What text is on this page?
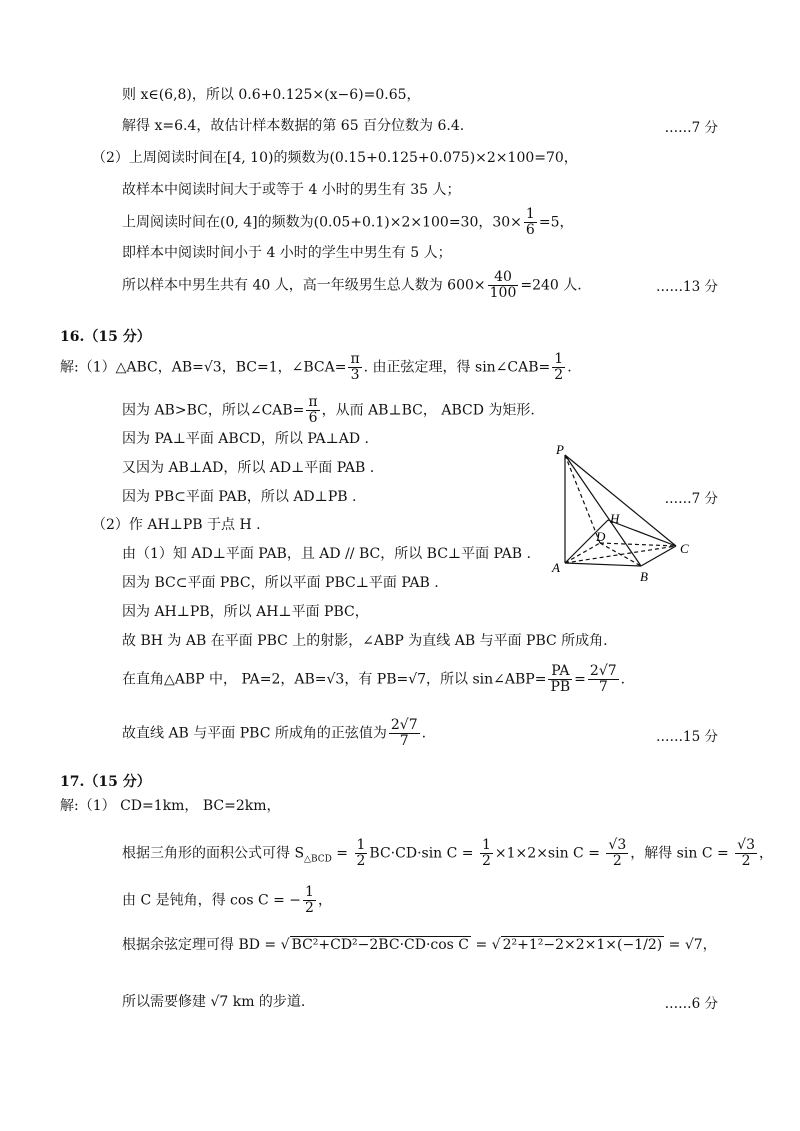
则 x∈(6,8)，所以 0.6+0.125×(x−6)=0.65，
解得 x=6.4，故估计样本数据的第 65 百分位数为 6.4.	……7 分
（2）上周阅读时间在[4, 10)的频数为(0.15+0.125+0.075)×2×100=70，
故样本中阅读时间大于或等于 4 小时的男生有 35 人；
上周阅读时间在(0, 4]的频数为(0.05+0.1)×2×100=30，$30\times \frac{1}{6} =5$，
即样本中阅读时间小于 4 小时的学生中男生有 5 人；
所以样本中男生共有 40 人，高一年级男生总人数为 $600\times \frac{40}{100} =240$ 人.	……13 分
16.（15 分）
解:（1）△ABC，AB=√3，BC=1，∠BCA= $\frac{\pi}{3}$ . 由正弦定理，得 sin∠CAB= $\frac{1}{2}$ .
因为 AB>BC，所以∠CAB= $\frac{\pi}{6}$ ，从而 AB⊥BC， ABCD 为矩形.
因为 PA⊥平面 ABCD，所以 PA⊥AD .
又因为 AB⊥AD，所以 AD⊥平面 PAB .
因为 PB⊂平面 PAB，所以 AD⊥PB .	……7 分
（2）作 AH⊥PB 于点 H .
由（1）知 AD⊥平面 PAB，且 AD // BC，所以 BC⊥平面 PAB .
因为 BC⊂平面 PBC，所以平面 PBC⊥平面 PAB .
因为 AH⊥PB，所以 AH⊥平面 PBC，
故 BH 为 AB 在平面 PBC 上的射影，∠ABP 为直线 AB 与平面 PBC 所成角.
在直角△ABP 中， PA=2，AB=√3，有 PB=√7，所以 sin∠ABP= $\frac{PA}{PB} = \frac{2√7}{7}$ .
故直线 AB 与平面 PBC 所成角的正弦值为 $\frac{2√7}{7}$ .	……15 分
P
H
D
C
A
B
17.（15 分）
解:（1） CD=1km， BC=2km，
根据三角形的面积公式可得 $S_{\triangle BCD} = \frac{1}{2} BC\cdot CD\cdot\sin$ $C = \frac{1}{2} \times 1\times 2\times\sin$ $C = \frac{√3}{2}$ ，解得 $\sin C = \frac{√3}{2}$ ，
由 C 是钝角，得 cos C = − $\frac{1}{2}$ ，
根据余弦定理可得 BD = √ BC²+CD²−2BC·CD·cos C = √ 2²+1²−2×2×1×(−1/2) = √7，
所以需要修建 √7 km 的步道.	……6 分
